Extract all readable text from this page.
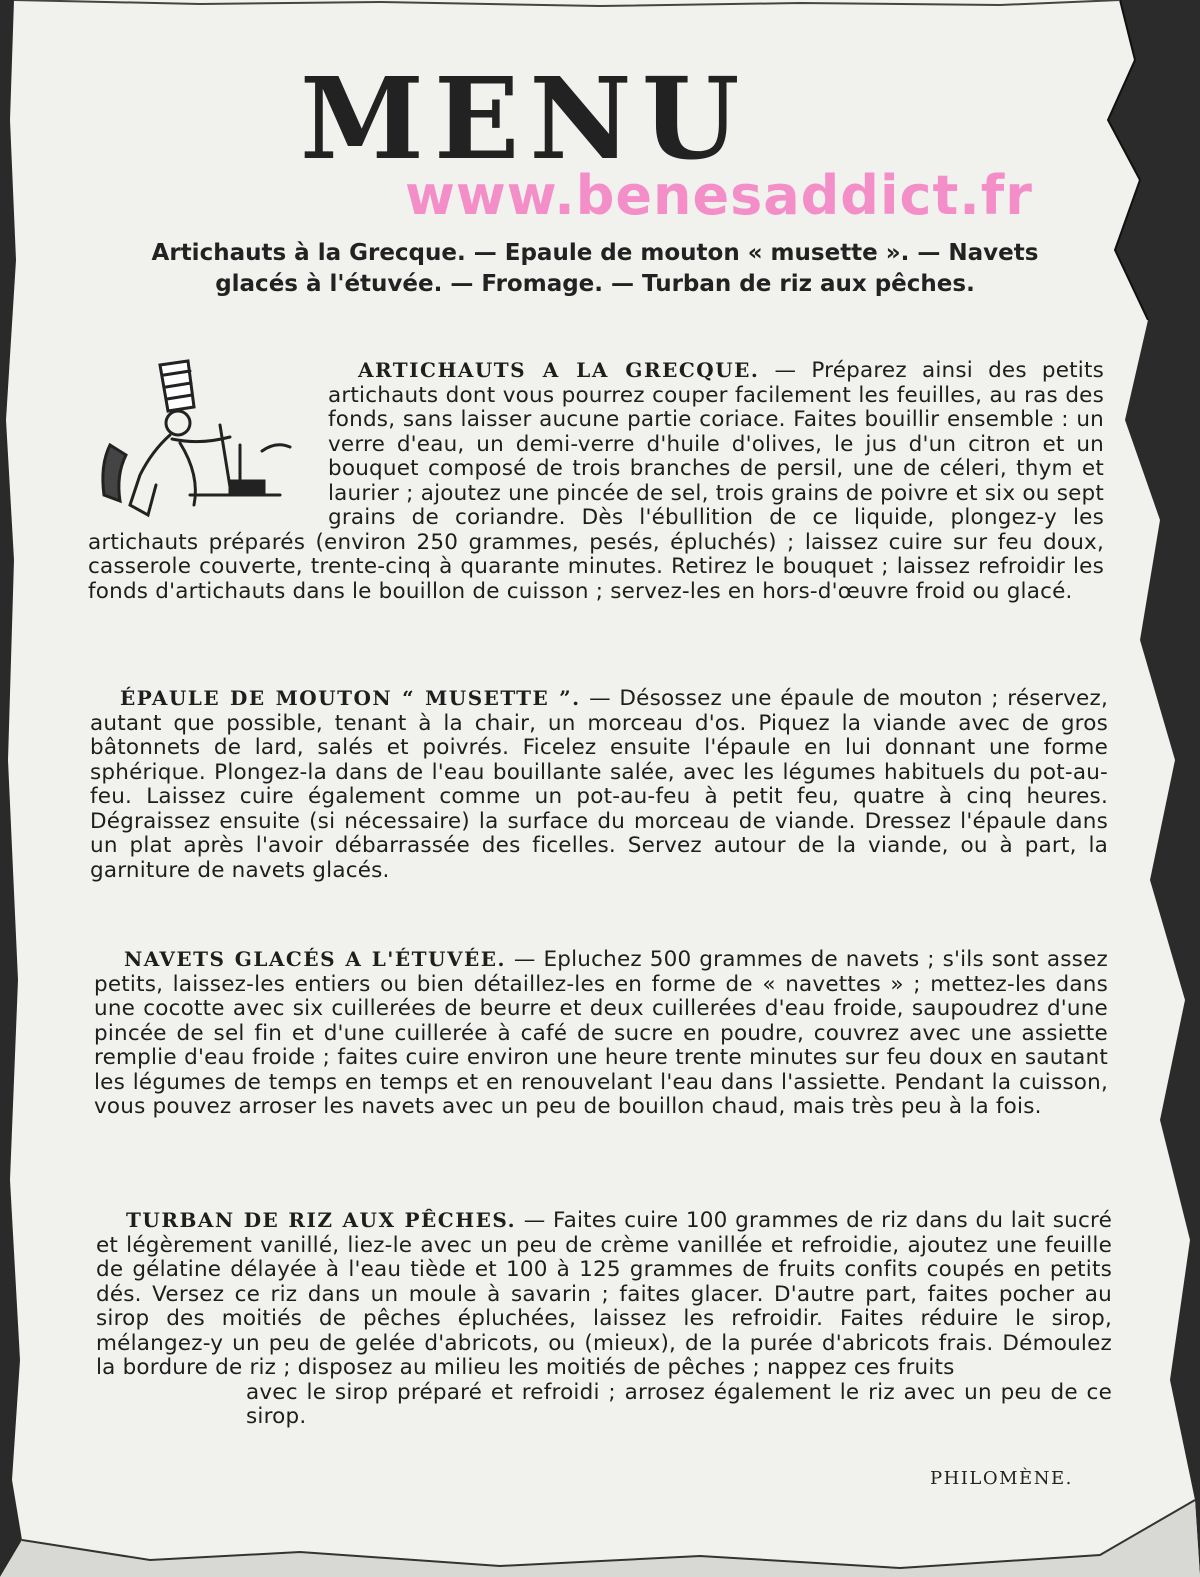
MENU
www.benesaddict.fr
Artichauts à la Grecque. — Epaule de mouton « musette ». — Navets glacés à l'étuvée. — Fromage. — Turban de riz aux pêches.

ARTICHAUTS A LA GRECQUE. — Préparez ainsi des petits artichauts dont vous pourrez couper facilement les feuilles, au ras des fonds, sans laisser aucune partie coriace. Faites bouillir ensemble : un verre d'eau, un demi-verre d'huile d'olives, le jus d'un citron et un bouquet composé de trois branches de persil, une de céleri, thym et laurier ; ajoutez une pincée de sel, trois grains de poivre et six ou sept grains de coriandre. Dès l'ébullition de ce liquide, plongez-y les artichauts préparés (environ 250 grammes, pesés, épluchés) ; laissez cuire sur feu doux, casserole couverte, trente-cinq à quarante minutes. Retirez le bouquet ; laissez refroidir les fonds d'artichauts dans le bouillon de cuisson ; servez-les en hors-d'œuvre froid ou glacé.

ÉPAULE DE MOUTON “ MUSETTE ”. — Désossez une épaule de mouton ; réservez, autant que possible, tenant à la chair, un morceau d'os. Piquez la viande avec de gros bâtonnets de lard, salés et poivrés. Ficelez ensuite l'épaule en lui donnant une forme sphérique. Plongez-la dans de l'eau bouillante salée, avec les légumes habituels du pot-au-feu. Laissez cuire également comme un pot-au-feu à petit feu, quatre à cinq heures. Dégraissez ensuite (si nécessaire) la surface du morceau de viande. Dressez l'épaule dans un plat après l'avoir débarrassée des ficelles. Servez autour de la viande, ou à part, la garniture de navets glacés.

NAVETS GLACÉS A L'ÉTUVÉE. — Epluchez 500 grammes de navets ; s'ils sont assez petits, laissez-les entiers ou bien détaillez-les en forme de « navettes » ; mettez-les dans une cocotte avec six cuillerées de beurre et deux cuillerées d'eau froide, saupoudrez d'une pincée de sel fin et d'une cuillerée à café de sucre en poudre, couvrez avec une assiette remplie d'eau froide ; faites cuire environ une heure trente minutes sur feu doux en sautant les légumes de temps en temps et en renouvelant l'eau dans l'assiette. Pendant la cuisson, vous pouvez arroser les navets avec un peu de bouillon chaud, mais très peu à la fois.

TURBAN DE RIZ AUX PÊCHES. — Faites cuire 100 grammes de riz dans du lait sucré et légèrement vanillé, liez-le avec un peu de crème vanillée et refroidie, ajoutez une feuille de gélatine délayée à l'eau tiède et 100 à 125 grammes de fruits confits coupés en petits dés. Versez ce riz dans un moule à savarin ; faites glacer. D'autre part, faites pocher au sirop des moitiés de pêches épluchées, laissez les refroidir. Faites réduire le sirop, mélangez-y un peu de gelée d'abricots, ou (mieux), de la purée d'abricots frais. Démoulez la bordure de riz ; disposez au milieu les moitiés de pêches ; nappez ces fruits

avec le sirop préparé et refroidi ; arrosez également le riz avec un peu de ce sirop.

PHILOMÈNE.
